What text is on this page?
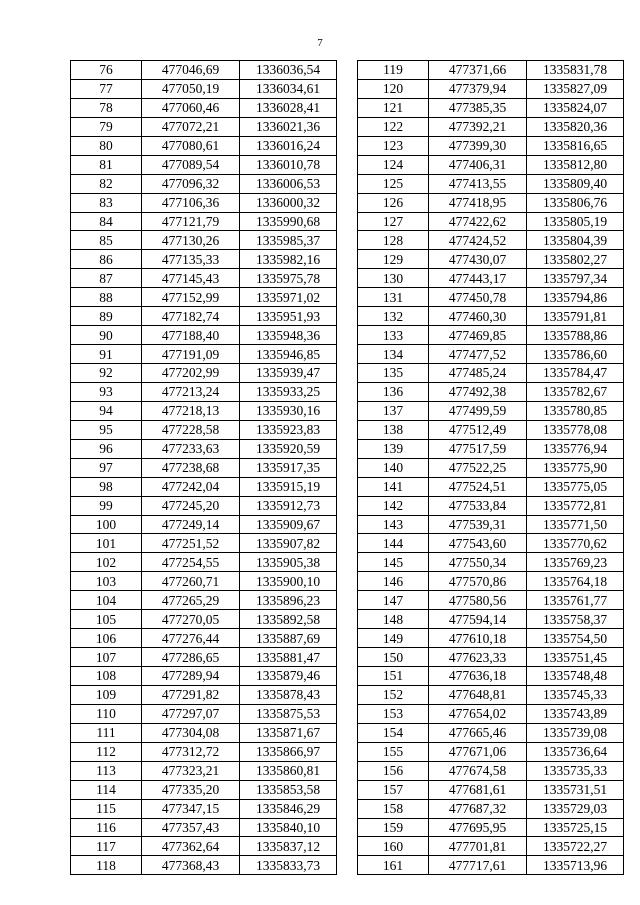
7
76	477046,69	1336036,54
77	477050,19	1336034,61
78	477060,46	1336028,41
79	477072,21	1336021,36
80	477080,61	1336016,24
81	477089,54	1336010,78
82	477096,32	1336006,53
83	477106,36	1336000,32
84	477121,79	1335990,68
85	477130,26	1335985,37
86	477135,33	1335982,16
87	477145,43	1335975,78
88	477152,99	1335971,02
89	477182,74	1335951,93
90	477188,40	1335948,36
91	477191,09	1335946,85
92	477202,99	1335939,47
93	477213,24	1335933,25
94	477218,13	1335930,16
95	477228,58	1335923,83
96	477233,63	1335920,59
97	477238,68	1335917,35
98	477242,04	1335915,19
99	477245,20	1335912,73
100	477249,14	1335909,67
101	477251,52	1335907,82
102	477254,55	1335905,38
103	477260,71	1335900,10
104	477265,29	1335896,23
105	477270,05	1335892,58
106	477276,44	1335887,69
107	477286,65	1335881,47
108	477289,94	1335879,46
109	477291,82	1335878,43
110	477297,07	1335875,53
111	477304,08	1335871,67
112	477312,72	1335866,97
113	477323,21	1335860,81
114	477335,20	1335853,58
115	477347,15	1335846,29
116	477357,43	1335840,10
117	477362,64	1335837,12
118	477368,43	1335833,73
119	477371,66	1335831,78
120	477379,94	1335827,09
121	477385,35	1335824,07
122	477392,21	1335820,36
123	477399,30	1335816,65
124	477406,31	1335812,80
125	477413,55	1335809,40
126	477418,95	1335806,76
127	477422,62	1335805,19
128	477424,52	1335804,39
129	477430,07	1335802,27
130	477443,17	1335797,34
131	477450,78	1335794,86
132	477460,30	1335791,81
133	477469,85	1335788,86
134	477477,52	1335786,60
135	477485,24	1335784,47
136	477492,38	1335782,67
137	477499,59	1335780,85
138	477512,49	1335778,08
139	477517,59	1335776,94
140	477522,25	1335775,90
141	477524,51	1335775,05
142	477533,84	1335772,81
143	477539,31	1335771,50
144	477543,60	1335770,62
145	477550,34	1335769,23
146	477570,86	1335764,18
147	477580,56	1335761,77
148	477594,14	1335758,37
149	477610,18	1335754,50
150	477623,33	1335751,45
151	477636,18	1335748,48
152	477648,81	1335745,33
153	477654,02	1335743,89
154	477665,46	1335739,08
155	477671,06	1335736,64
156	477674,58	1335735,33
157	477681,61	1335731,51
158	477687,32	1335729,03
159	477695,95	1335725,15
160	477701,81	1335722,27
161	477717,61	1335713,96
